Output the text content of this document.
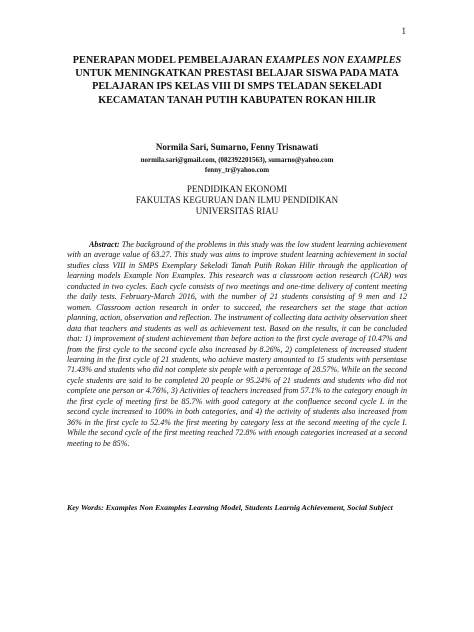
1
PENERAPAN MODEL PEMBELAJARAN EXAMPLES NON EXAMPLES UNTUK MENINGKATKAN PRESTASI BELAJAR SISWA PADA MATA PELAJARAN IPS KELAS VIII DI SMPS TELADAN SEKELADI KECAMATAN TANAH PUTIH KABUPATEN ROKAN HILIR

Normila Sari, Sumarno, Fenny Trisnawati

normila.sari@gmail.com, (082392201563), sumarno@yahoo.com
fenny_tr@yahoo.com
PENDIDIKAN EKONOMI
FAKULTAS KEGURUAN DAN ILMU PENDIDIKAN
UNIVERSITAS RIAU

Abstract: The background of the problems in this study was the low student learning achievement with an average value of 63.27. This study was aims to improve student learning achievement in social studies class VIII in SMPS Exemplary Sekeladi Tanah Putih Rokan Hilir through the application of learning models Example Non Examples. This research was a classroom action research (CAR) was conducted in two cycles. Each cycle consists of two meetings and one-time delivery of content meeting the daily tests. February-March 2016, with the number of 21 students consisting of 9 men and 12 women. Classroom action research in order to succeed, the researchers set the stage that action planning, action, observation and reflection. The instrument of collecting data activity observation sheet data that teachers and students as well as achievement test. Based on the results, it can be concluded that: 1) improvement of student achievement than before action to the first cycle average of 10.47% and from the first cycle to the second cycle also increased by 8.26%, 2) completeness of increased student learning in the first cycle of 21 students, who achieve mastery amounted to 15 students with persentase 71.43% and students who did not complete six people with a percentage of 28.57%. While on the second cycle students are said to be completed 20 people or 95.24% of 21 students and students who did not complete one person or 4.76%, 3) Activities of teachers increased from 57.1% to the category enough in the first cycle of meeting first be 85.7% with good category at the confluence second cycle I. in the second cycle increased to 100% in both categories, and 4) the activity of students also increased from 36% in the first cycle to 52.4% the first meeting by category less at the second meeting of the cycle I. While the second cycle of the first meeting reached 72.8% with enough categories increased at a second meeting to be 85%.

Key Words: Examples Non Examples Learning Model, Students Learnig Achievement, Social Subject
